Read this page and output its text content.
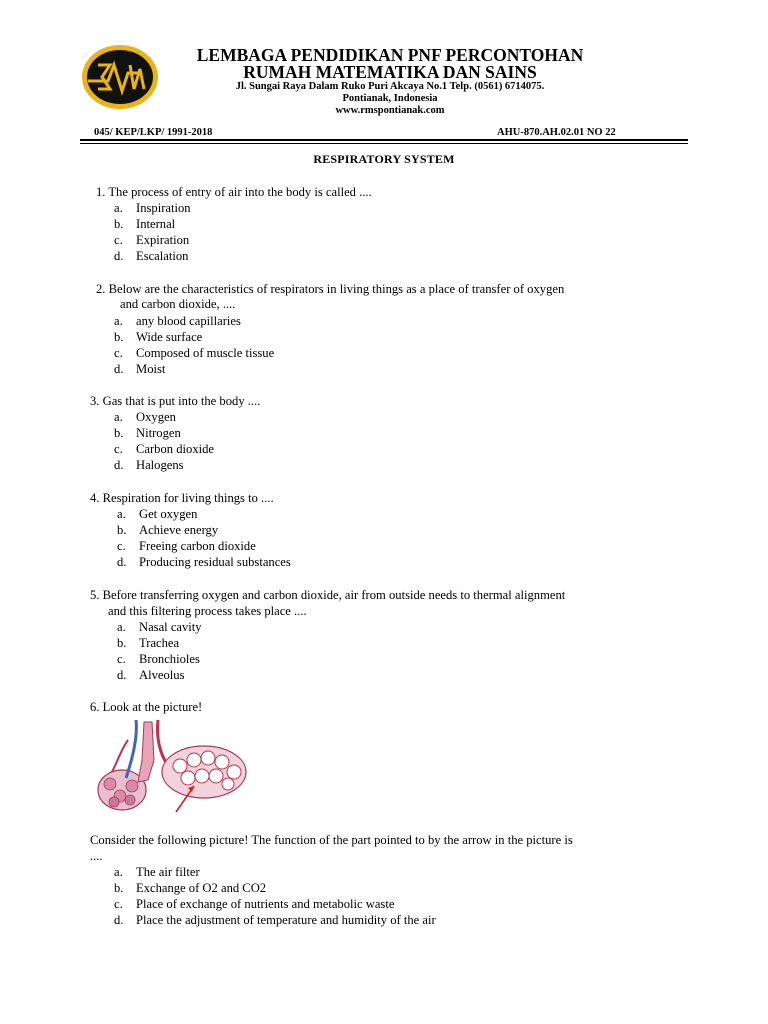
LEMBAGA PENDIDIKAN PNF PERCONTOHAN
RUMAH MATEMATIKA DAN SAINS
Jl. Sungai Raya Dalam Ruko Puri Akcaya No.1 Telp. (0561) 6714075.
Pontianak, Indonesia
www.rmspontianak.com
045/ KEP/LKP/ 1991-2018	AHU-870.AH.02.01 NO 22
RESPIRATORY SYSTEM
1. The process of entry of air into the body is called ....
a. Inspiration
b. Internal
c. Expiration
d. Escalation
2. Below are the characteristics of respirators in living things as a place of transfer of oxygen
and carbon dioxide, ....
a. any blood capillaries
b. Wide surface
c. Composed of muscle tissue
d. Moist
3. Gas that is put into the body ....
a. Oxygen
b. Nitrogen
c. Carbon dioxide
d. Halogens
4. Respiration for living things to ....
a. Get oxygen
b. Achieve energy
c. Freeing carbon dioxide
d. Producing residual substances
5. Before transferring oxygen and carbon dioxide, air from outside needs to thermal alignment
and this filtering process takes place ....
a. Nasal cavity
b. Trachea
c. Bronchioles
d. Alveolus
6. Look at the picture!
Consider the following picture! The function of the part pointed to by the arrow in the picture is
....
a. The air filter
b. Exchange of O2 and CO2
c. Place of exchange of nutrients and metabolic waste
d. Place the adjustment of temperature and humidity of the air
